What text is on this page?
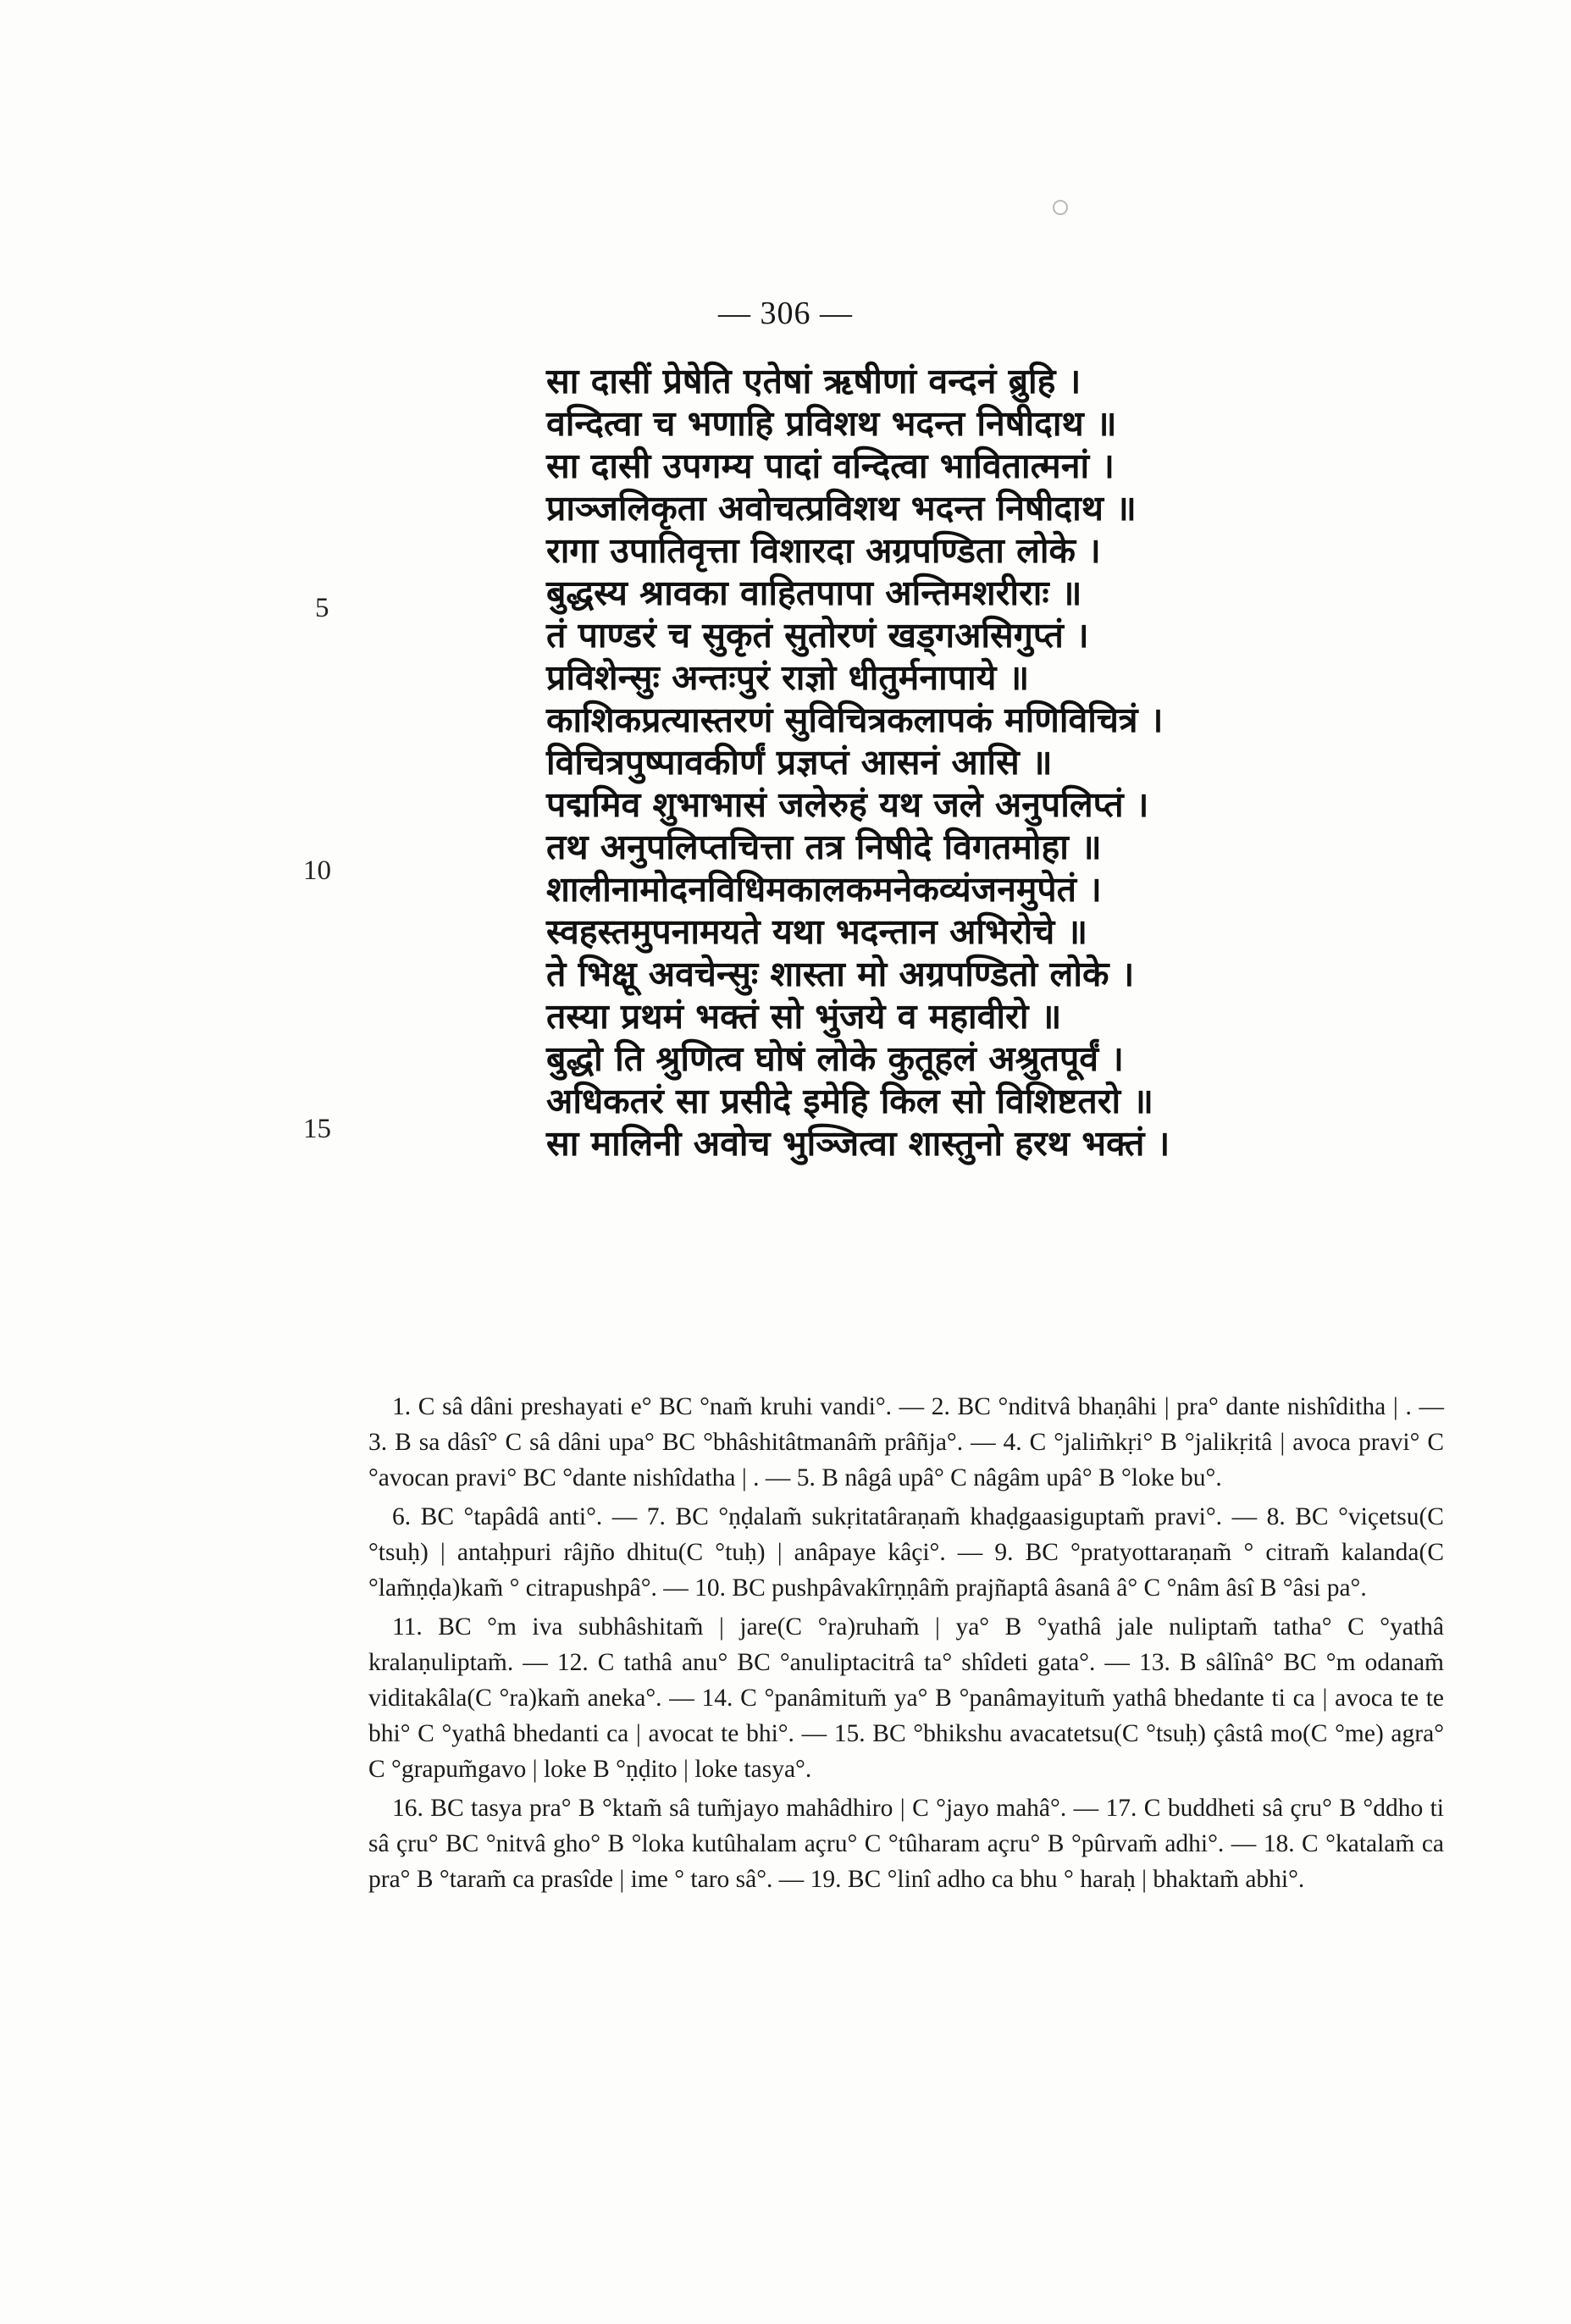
— 306 —
सा दासीं प्रेषेति एतेषां ऋषीणां वन्दनं ब्रुहि ।
वन्दित्वा च भणाहि प्रविशथ भदन्त निषीदाथ ॥
सा दासी उपगम्य पादां वन्दित्वा भावितात्मनां ।
प्राञ्जलिकृता अवोचत्प्रविशथ भदन्त निषीदाथ ॥
रागा उपातिवृत्ता विशारदा अग्रपण्डिता लोके ।
बुद्धस्य श्रावका वाहितपापा अन्तिमशरीराः ॥
तं पाण्डरं च सुकृतं सुतोरणं खड्गअसिगुप्तं ।
प्रविशेन्सुः अन्तःपुरं राज्ञो धीतुर्मनापाये ॥
काशिकप्रत्यास्तरणं सुविचित्रकलापकं मणिविचित्रं ।
विचित्रपुष्पावकीर्णं प्रज्ञप्तं आसनं आसि ॥
पद्ममिव शुभाभासं जलेरुहं यथ जले अनुपलिप्तं ।
तथ अनुपलिप्तचित्ता तत्र निषीदे विगतमोहा ॥
शालीनामोदनविधिमकालकमनेकव्यंजनमुपेतं ।
स्वहस्तमुपनामयते यथा भदन्तान अभिरोचे ॥
ते भिक्षू अवचेन्सुः शास्ता मो अग्रपण्डितो लोके ।
तस्या प्रथमं भक्तं सो भुंजये व महावीरो ॥
बुद्धो ति श्रुणित्व घोषं लोके कुतूहलं अश्रुतपूर्वं ।
अधिकतरं सा प्रसीदे इमेहि किल सो विशिष्टतरो ॥
सा मालिनी अवोच भुञ्जित्वा शास्तुनो हरथ भक्तं ।
5
10
15

1. C sâ dâni preshayati e° BC °nam̃ kruhi vandi°. — 2. BC °nditvâ bhaṇâhi | pra° dante nishîditha | . — 3. B sa dâsî° C sâ dâni upa° BC °bhâshitâtmanâm̃ prâñja°. — 4. C °jalim̃kṛi° B °jalikṛitâ | avoca pravi° C °avocan pravi° BC °dante nishîdatha | . — 5. B nâgâ upâ° C nâgâm upâ° B °loke bu°.

6. BC °tapâdâ anti°. — 7. BC °ṇḍalam̃ sukṛitatâraṇam̃ khaḍgaasiguptam̃ pravi°. — 8. BC °viçetsu(C °tsuḥ) | antaḥpuri râjño dhitu(C °tuḥ) | anâpaye kâçi°. — 9. BC °pratyottaraṇam̃ ° citram̃ kalanda(C °lam̃ṇḍa)kam̃ ° citrapushpâ°. — 10. BC pushpâvakîrṇṇâm̃ prajñaptâ âsanâ â° C °nâm âsî B °âsi pa°.

11. BC °m iva subhâshitam̃ | jare(C °ra)ruham̃ | ya° B °yathâ jale nuliptam̃ tatha° C °yathâ kralaṇuliptam̃. — 12. C tathâ anu° BC °anuliptacitrâ ta° shîdeti gata°. — 13. B sâlînâ° BC °m odanam̃ viditakâla(C °ra)kam̃ aneka°. — 14. C °panâmitum̃ ya° B °panâmayitum̃ yathâ bhedante ti ca | avoca te te bhi° C °yathâ bhedanti ca | avocat te bhi°. — 15. BC °bhikshu avacatetsu(C °tsuḥ) çâstâ mo(C °me) agra° C °grapum̃gavo | loke B °ṇḍito | loke tasya°.

16. BC tasya pra° B °ktam̃ sâ tum̃jayo mahâdhiro | C °jayo mahâ°. — 17. C buddheti sâ çru° B °ddho ti sâ çru° BC °nitvâ gho° B °loka kutûhalam açru° C °tûharam açru° B °pûrvam̃ adhi°. — 18. C °katalam̃ ca pra° B °taram̃ ca prasîde | ime ° taro sâ°. — 19. BC °linî adho ca bhu ° haraḥ | bhaktam̃ abhi°.
